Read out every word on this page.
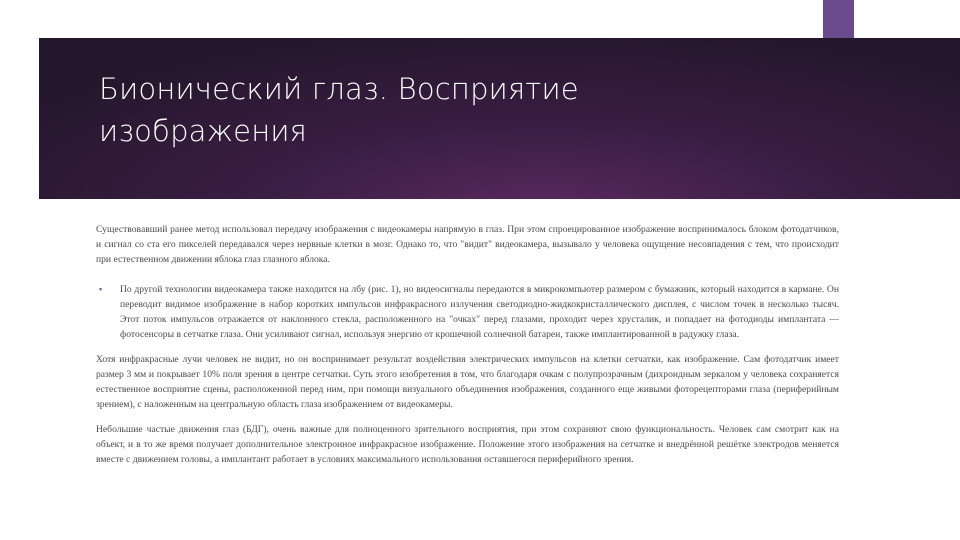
Бионический глаз. Восприятие изображения

Существовавший ранее метод использовал передачу изображения с видеокамеры напрямую в глаз. При этом спроецированное изображение воспринималось блоком фотодатчиков, и сигнал со ста его пикселей передавался через нервные клетки в мозг. Однако то, что "видит" видеокамера, вызывало у человека ощущение несовпадения с тем, что происходит при естественном движении яблока глаз глазного яблока.

▪ По другой технологии видеокамера также находится на лбу (рис. 1), но видеосигналы передаются в микрокомпьютер размером с бумажник, который находится в кармане. Он переводит видимое изображение в набор коротких импульсов инфракрасного излучения светодиодно-жидкокристаллического дисплея, с числом точек в несколько тысяч. Этот поток импульсов отражается от наклонного стекла, расположенного на "очках" перед глазами, проходит через хрусталик, и попадает на фотодиоды имплантата — фотосенсоры в сетчатке глаза. Они усиливают сигнал, используя энергию от крошечной солнечной батареи, также имплантированной в радужку глаза.

Хотя инфракрасные лучи человек не видит, но он воспринимает результат воздействия электрических импульсов на клетки сетчатки, как изображение. Сам фотодатчик имеет размер 3 мм и покрывает 10% поля зрения в центре сетчатки. Суть этого изобретения в том, что благодаря очкам с полупрозрачным (дихроидным зеркалом у человека сохраняется естественное восприятие сцены, расположенной перед ним, при помощи визуального объединения изображения, созданного еще живыми фоторецепторами глаза (периферийным зрением), с наложенным на центральную область глаза изображением от видеокамеры.

Небольшие частые движения глаз (БДГ), очень важные для полноценного зрительного восприятия, при этом сохраняют свою функциональность. Человек сам смотрит как на объект, и в то же время получает дополнительное электронное инфракрасное изображение. Положение этого изображения на сетчатке и внедрённой решётке электродов меняется вместе с движением головы, а имплантант работает в условиях максимального использования оставшегося периферийного зрения.
